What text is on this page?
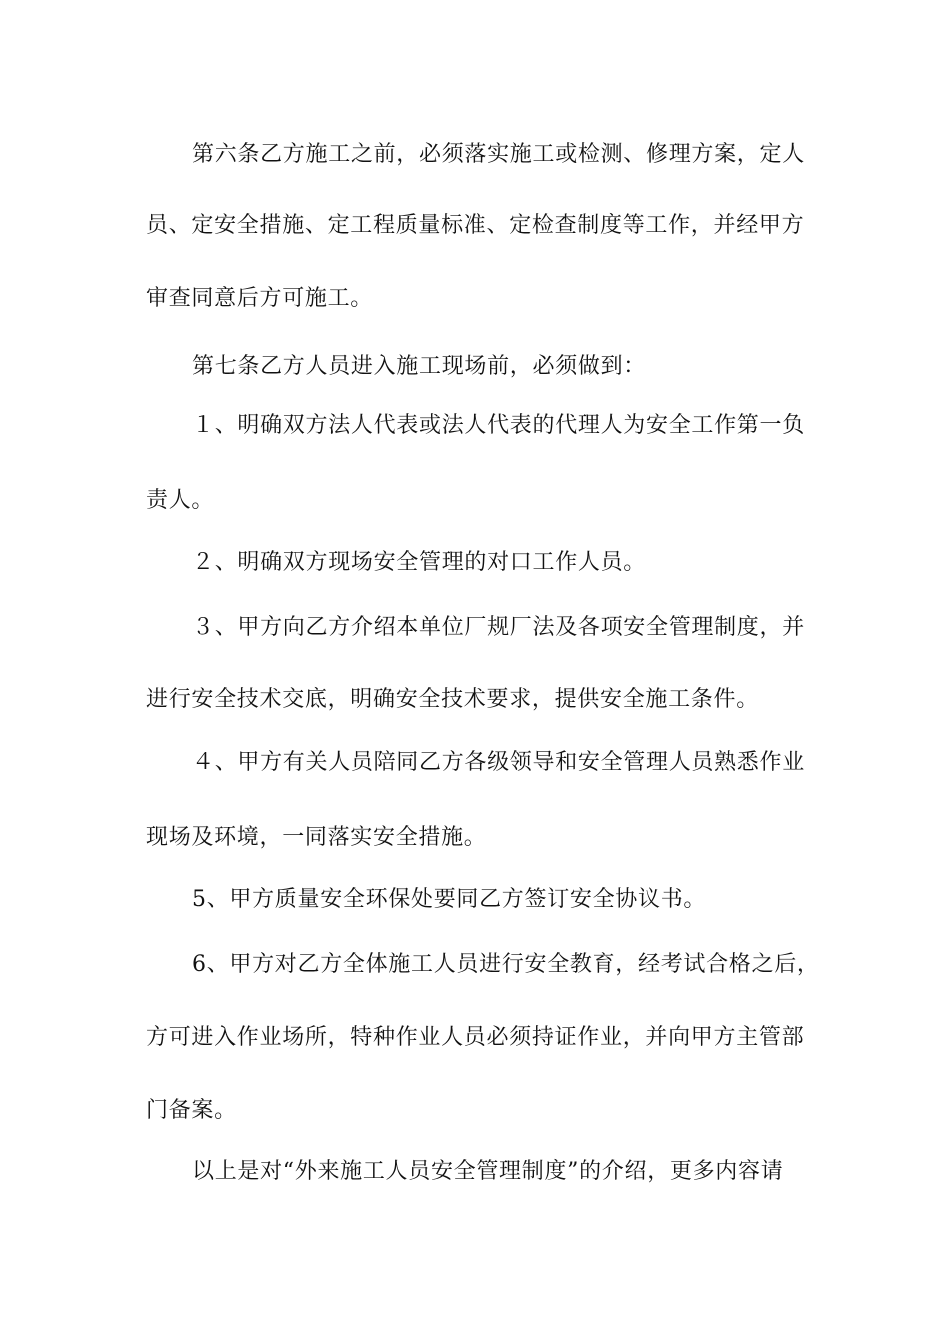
第六条乙方施工之前，必须落实施工或检测、修理方案，定人
员、定安全措施、定工程质量标准、定检查制度等工作，并经甲方
审查同意后方可施工。
第七条乙方人员进入施工现场前，必须做到：
１、明确双方法人代表或法人代表的代理人为安全工作第一负
责人。
２、明确双方现场安全管理的对口工作人员。
３、甲方向乙方介绍本单位厂规厂法及各项安全管理制度，并
进行安全技术交底，明确安全技术要求，提供安全施工条件。
４、甲方有关人员陪同乙方各级领导和安全管理人员熟悉作业
现场及环境，一同落实安全措施。
5、甲方质量安全环保处要同乙方签订安全协议书。
6、甲方对乙方全体施工人员进行安全教育，经考试合格之后，
方可进入作业场所，特种作业人员必须持证作业，并向甲方主管部
门备案。
以上是对“外来施工人员安全管理制度”的介绍，更多内容请
